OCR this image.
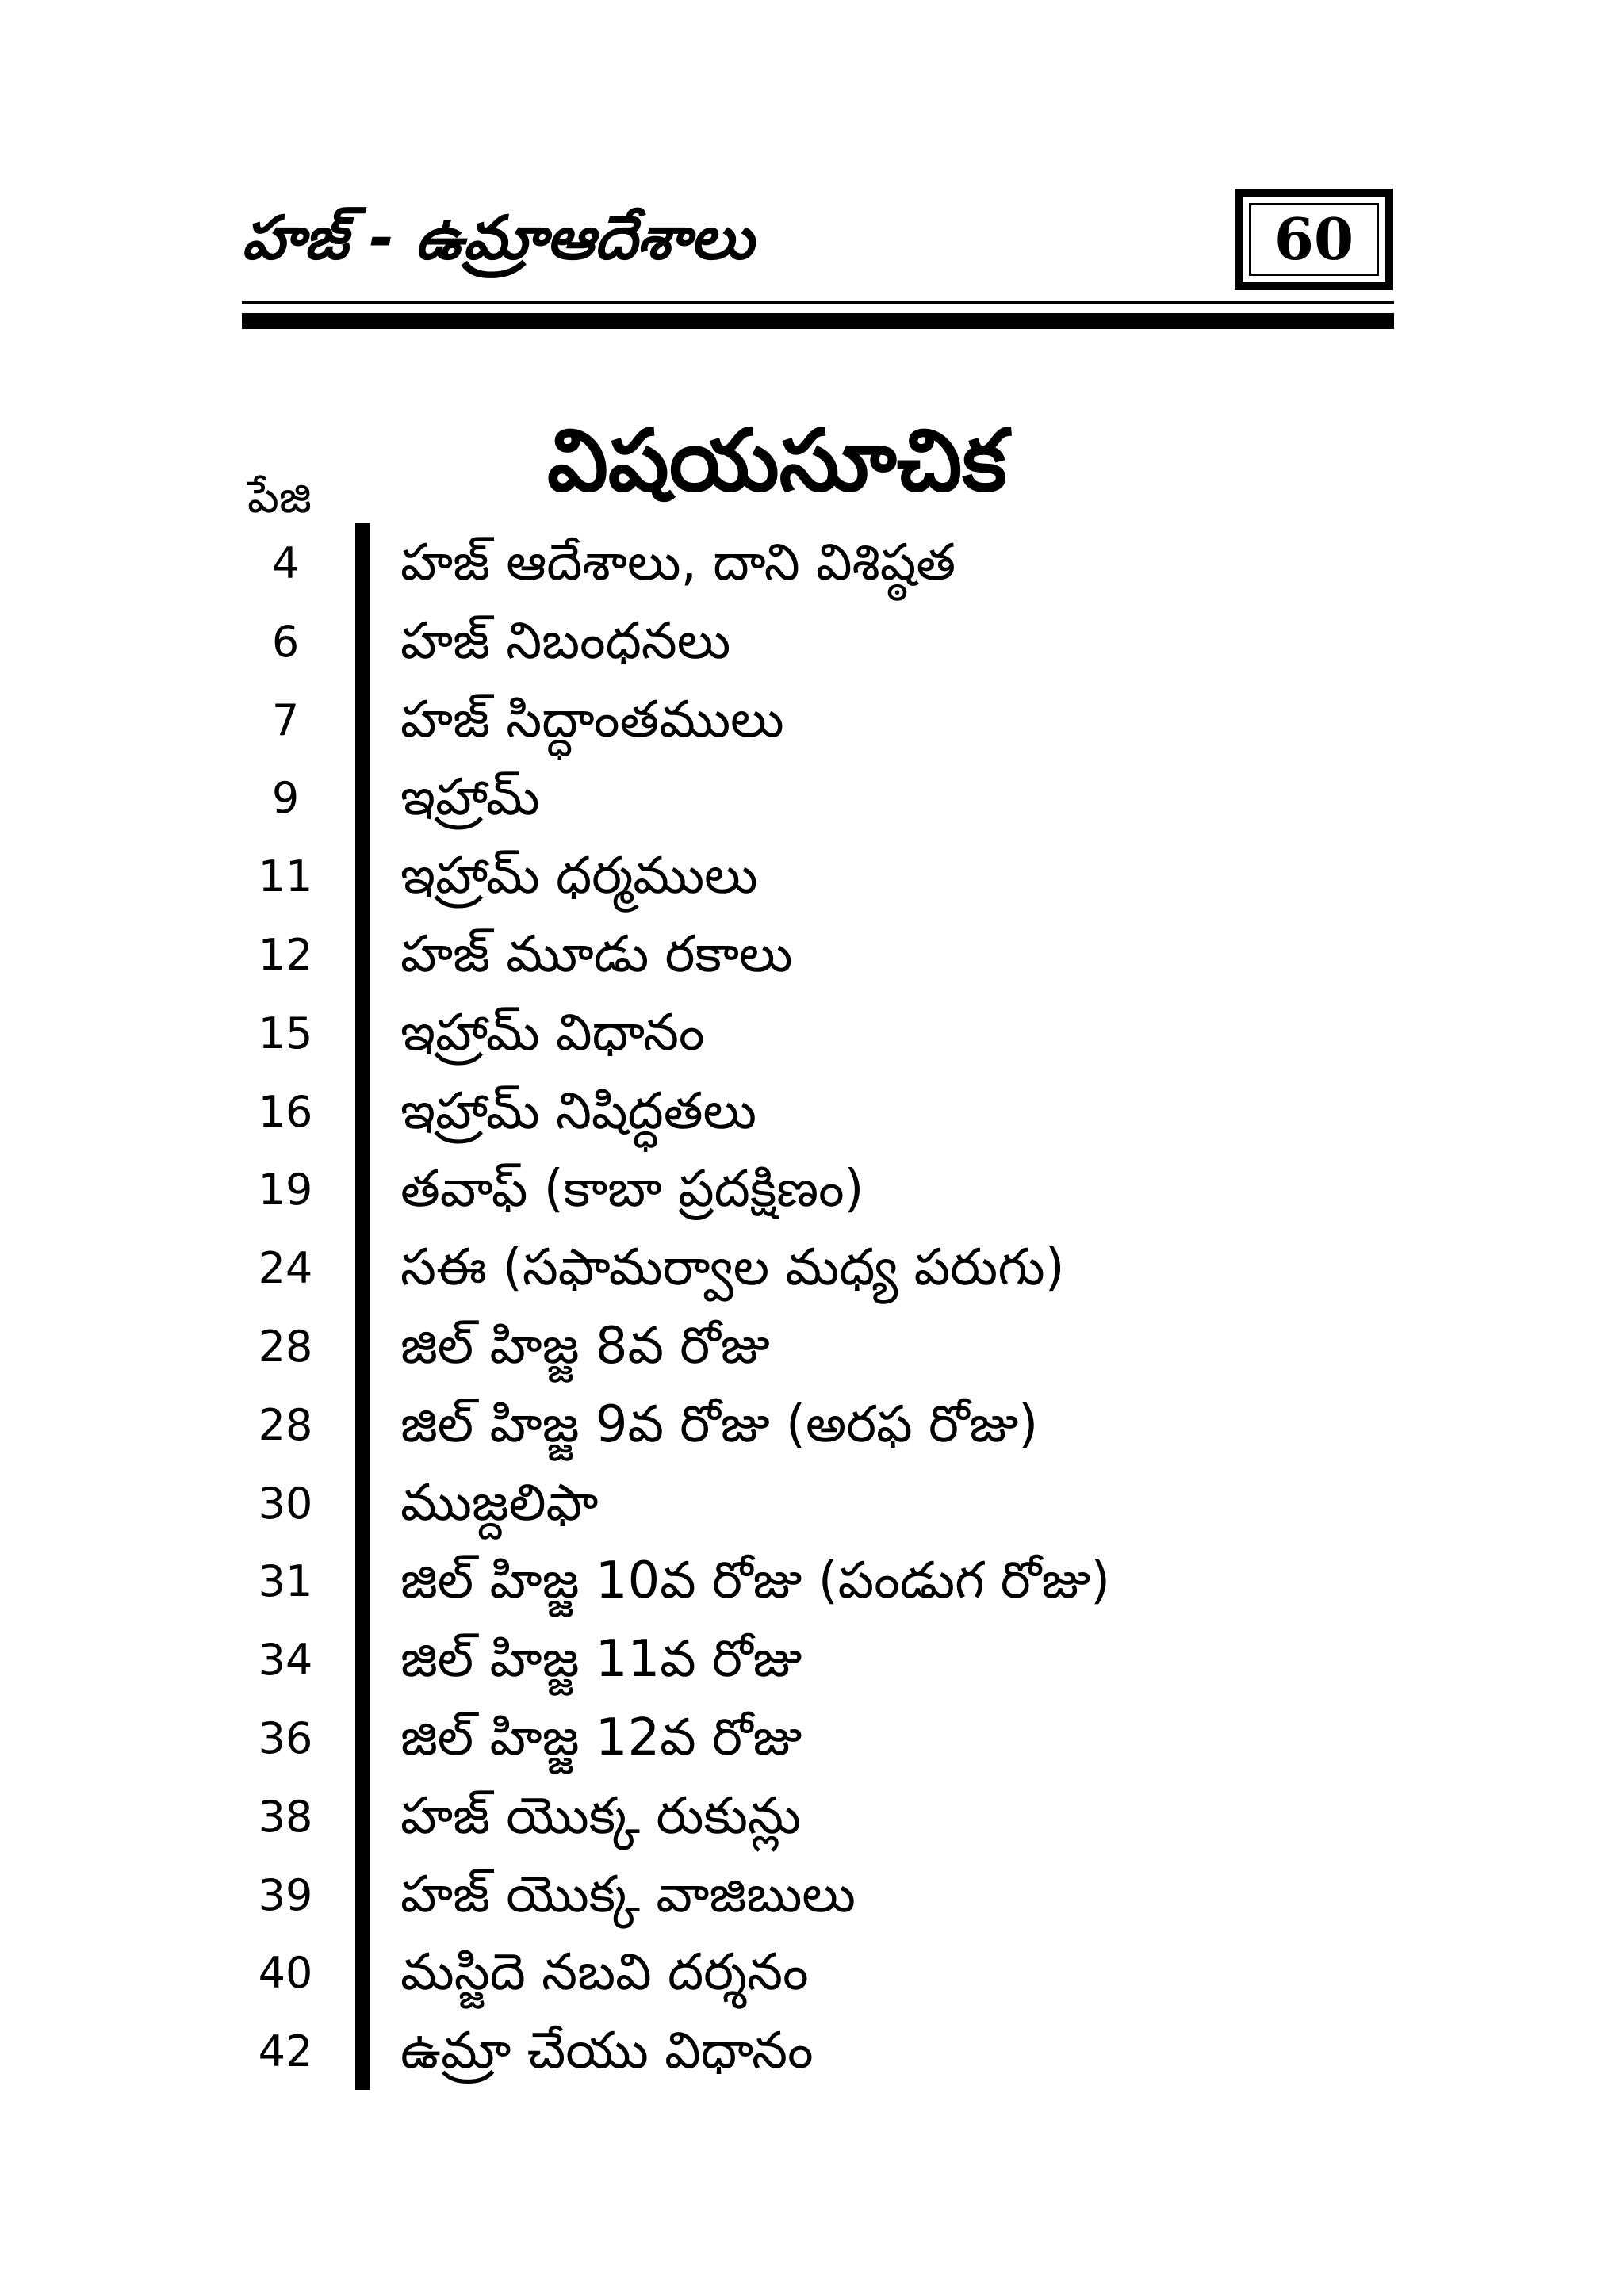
హజ్ - ఉమ్రాఆదేశాలు	60
విషయసూచిక
పేజి
4	హజ్ ఆదేశాలు, దాని విశిష్ఠత
6	హజ్ నిబంధనలు
7	హజ్ సిద్ధాంతములు
9	ఇహ్రామ్
11	ఇహ్రామ్ ధర్మములు
12	హజ్ మూడు రకాలు
15	ఇహ్రామ్ విధానం
16	ఇహ్రామ్ నిషిద్ధతలు
19	తవాఫ్ (కాబా ప్రదక్షిణం)
24	సఈ (సఫామర్వాల మధ్య పరుగు)
28	జిల్ హిజ్జ 8వ రోజు
28	జిల్ హిజ్జ 9వ రోజు (అరఫ రోజు)
30	ముజ్దలిఫా
31	జిల్ హిజ్జ 10వ రోజు (పండుగ రోజు)
34	జిల్ హిజ్జ 11వ రోజు
36	జిల్ హిజ్జ 12వ రోజు
38	హజ్ యొక్క రుకున్లు
39	హజ్ యొక్క వాజిబులు
40	మస్జిదె నబవి దర్శనం
42	ఉమ్రా చేయు విధానం
